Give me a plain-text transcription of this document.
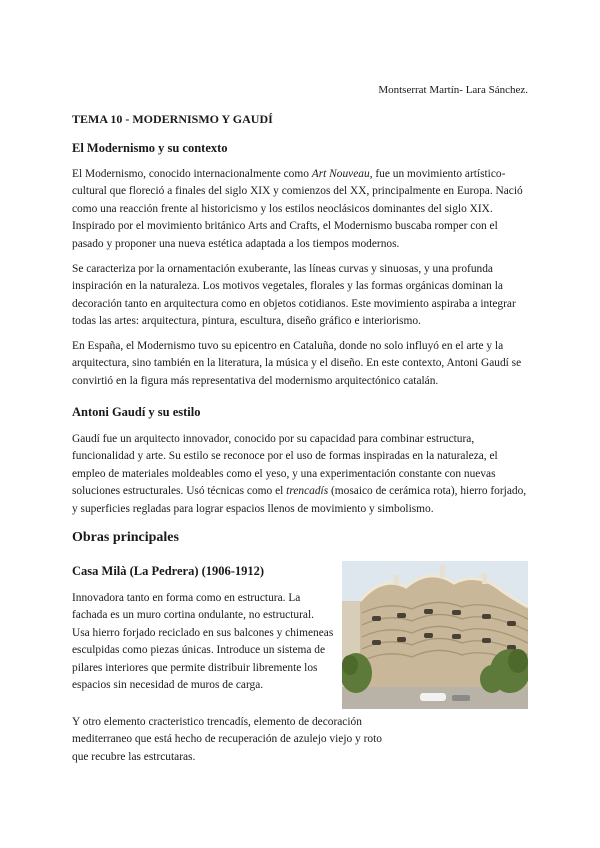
Montserrat Martín- Lara Sánchez.
TEMA 10 - MODERNISMO Y GAUDÍ
El Modernismo y su contexto

El Modernismo, conocido internacionalmente como Art Nouveau, fue un movimiento artístico-cultural que floreció a finales del siglo XIX y comienzos del XX, principalmente en Europa. Nació como una reacción frente al historicismo y los estilos neoclásicos dominantes del siglo XIX. Inspirado por el movimiento británico Arts and Crafts, el Modernismo buscaba romper con el pasado y proponer una nueva estética adaptada a los tiempos modernos.

Se caracteriza por la ornamentación exuberante, las líneas curvas y sinuosas, y una profunda inspiración en la naturaleza. Los motivos vegetales, florales y las formas orgánicas dominan la decoración tanto en arquitectura como en objetos cotidianos. Este movimiento aspiraba a integrar todas las artes: arquitectura, pintura, escultura, diseño gráfico e interiorismo.

En España, el Modernismo tuvo su epicentro en Cataluña, donde no solo influyó en el arte y la arquitectura, sino también en la literatura, la música y el diseño. En este contexto, Antoni Gaudí se convirtió en la figura más representativa del modernismo arquitectónico catalán.

Antoni Gaudí y su estilo

Gaudí fue un arquitecto innovador, conocido por su capacidad para combinar estructura, funcionalidad y arte. Su estilo se reconoce por el uso de formas inspiradas en la naturaleza, el empleo de materiales moldeables como el yeso, y una experimentación constante con nuevas soluciones estructurales. Usó técnicas como el trencadís (mosaico de cerámica rota), hierro forjado, y superficies regladas para lograr espacios llenos de movimiento y simbolismo.

Obras principales
Casa Milà (La Pedrera) (1906-1912)

Innovadora tanto en forma como en estructura. La fachada es un muro cortina ondulante, no estructural. Usa hierro forjado reciclado en sus balcones y chimeneas esculpidas como piezas únicas. Introduce un sistema de pilares interiores que permite distribuir libremente los espacios sin necesidad de muros de carga.

Y otro elemento cracteristico trencadís, elemento de decoración mediterraneo que está hecho de recuperación de azulejo viejo y roto que recubre las estrcutaras.
